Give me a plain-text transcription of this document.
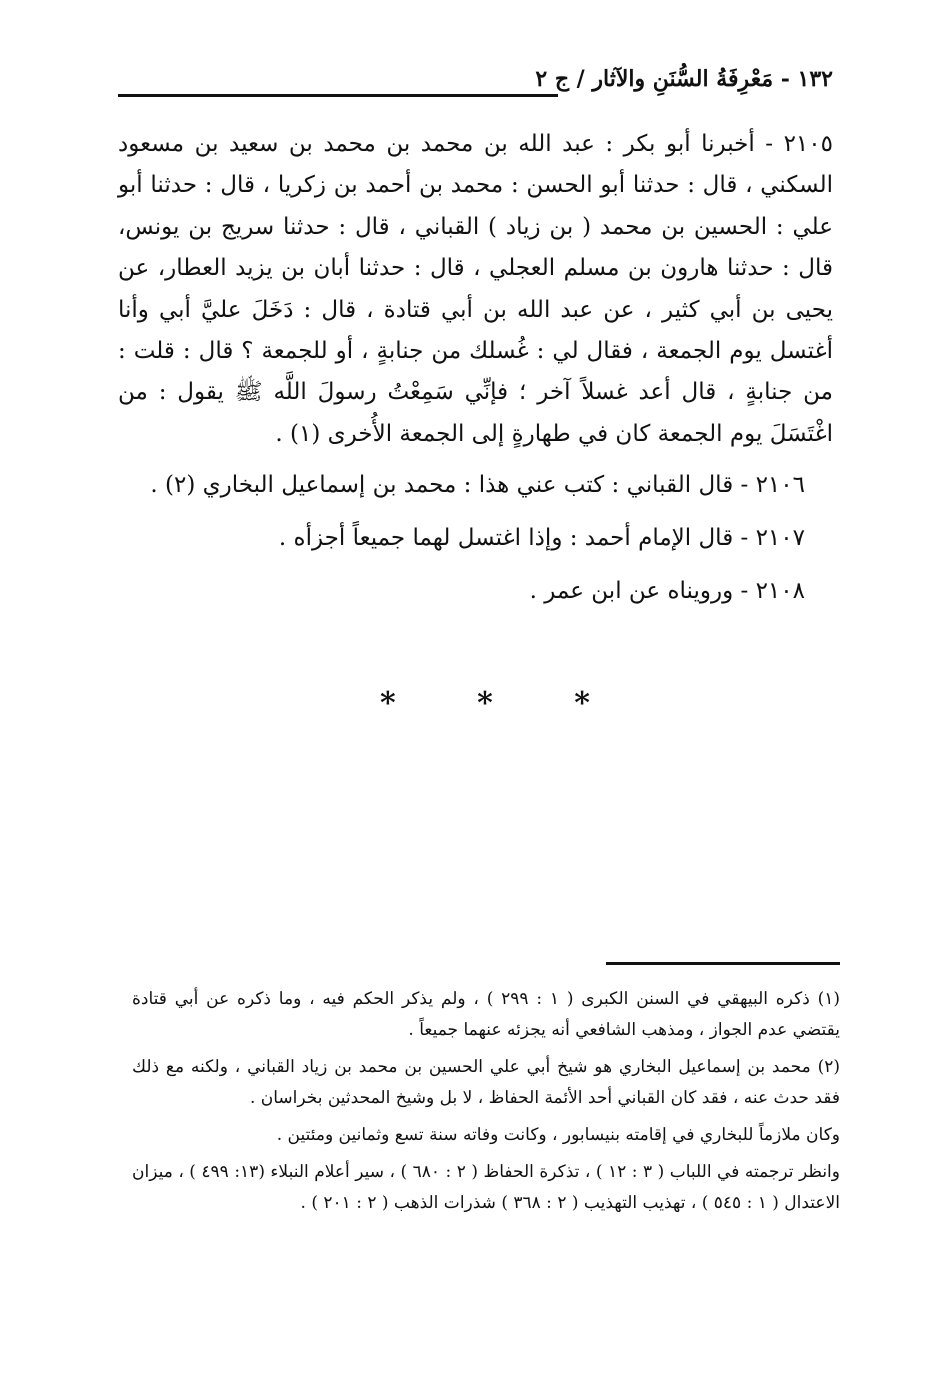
١٣٢ - مَعْرِفَةُ السُّنَنِ والآثار / ج ٢

٢١٠٥ - أخبرنا أبو بكر : عبد الله بن محمد بن محمد بن سعيد بن مسعود السكني ، قال : حدثنا أبو الحسن : محمد بن أحمد بن زكريا ، قال : حدثنا أبو علي : الحسين بن محمد ( بن زياد ) القباني ، قال : حدثنا سريج بن يونس، قال : حدثنا هارون بن مسلم العجلي ، قال : حدثنا أبان بن يزيد العطار، عن يحيى بن أبي كثير ، عن عبد الله بن أبي قتادة ، قال : دَخَلَ عليَّ أبي وأنا أغتسل يوم الجمعة ، فقال لي : غُسلك من جنابةٍ ، أو للجمعة ؟ قال : قلت : من جنابةٍ ، قال أعد غسلاً آخر ؛ فإنِّي سَمِعْتُ رسولَ اللَّه ﷺ يقول : من اغْتَسَلَ يوم الجمعة كان في طهارةٍ إلى الجمعة الأُخرى (١) .

٢١٠٦ - قال القباني : كتب عني هذا : محمد بن إسماعيل البخاري (٢) .
٢١٠٧ - قال الإمام أحمد : وإذا اغتسل لهما جميعاً أجزأه .
٢١٠٨ - ورويناه عن ابن عمر .
*	*	*

(١) ذكره البيهقي في السنن الكبرى ( ١ : ٢٩٩ ) ، ولم يذكر الحكم فيه ، وما ذكره عن أبي قتادة يقتضي عدم الجواز ، ومذهب الشافعي أنه يجزئه عنهما جميعاً .

(٢) محمد بن إسماعيل البخاري هو شيخ أبي علي الحسين بن محمد بن زياد القباني ، ولكنه مع ذلك فقد حدث عنه ، فقد كان القباني أحد الأئمة الحفاظ ، لا بل وشيخ المحدثين بخراسان .

وكان ملازماً للبخاري في إقامته بنيسابور ، وكانت وفاته سنة تسع وثمانين ومئتين .

وانظر ترجمته في اللباب ( ٣ : ١٢ ) ، تذكرة الحفاظ ( ٢ : ٦٨٠ ) ، سير أعلام النبلاء (١٣: ٤٩٩ ) ، ميزان الاعتدال ( ١ : ٥٤٥ ) ، تهذيب التهذيب ( ٢ : ٣٦٨ ) شذرات الذهب ( ٢ : ٢٠١ ) .
